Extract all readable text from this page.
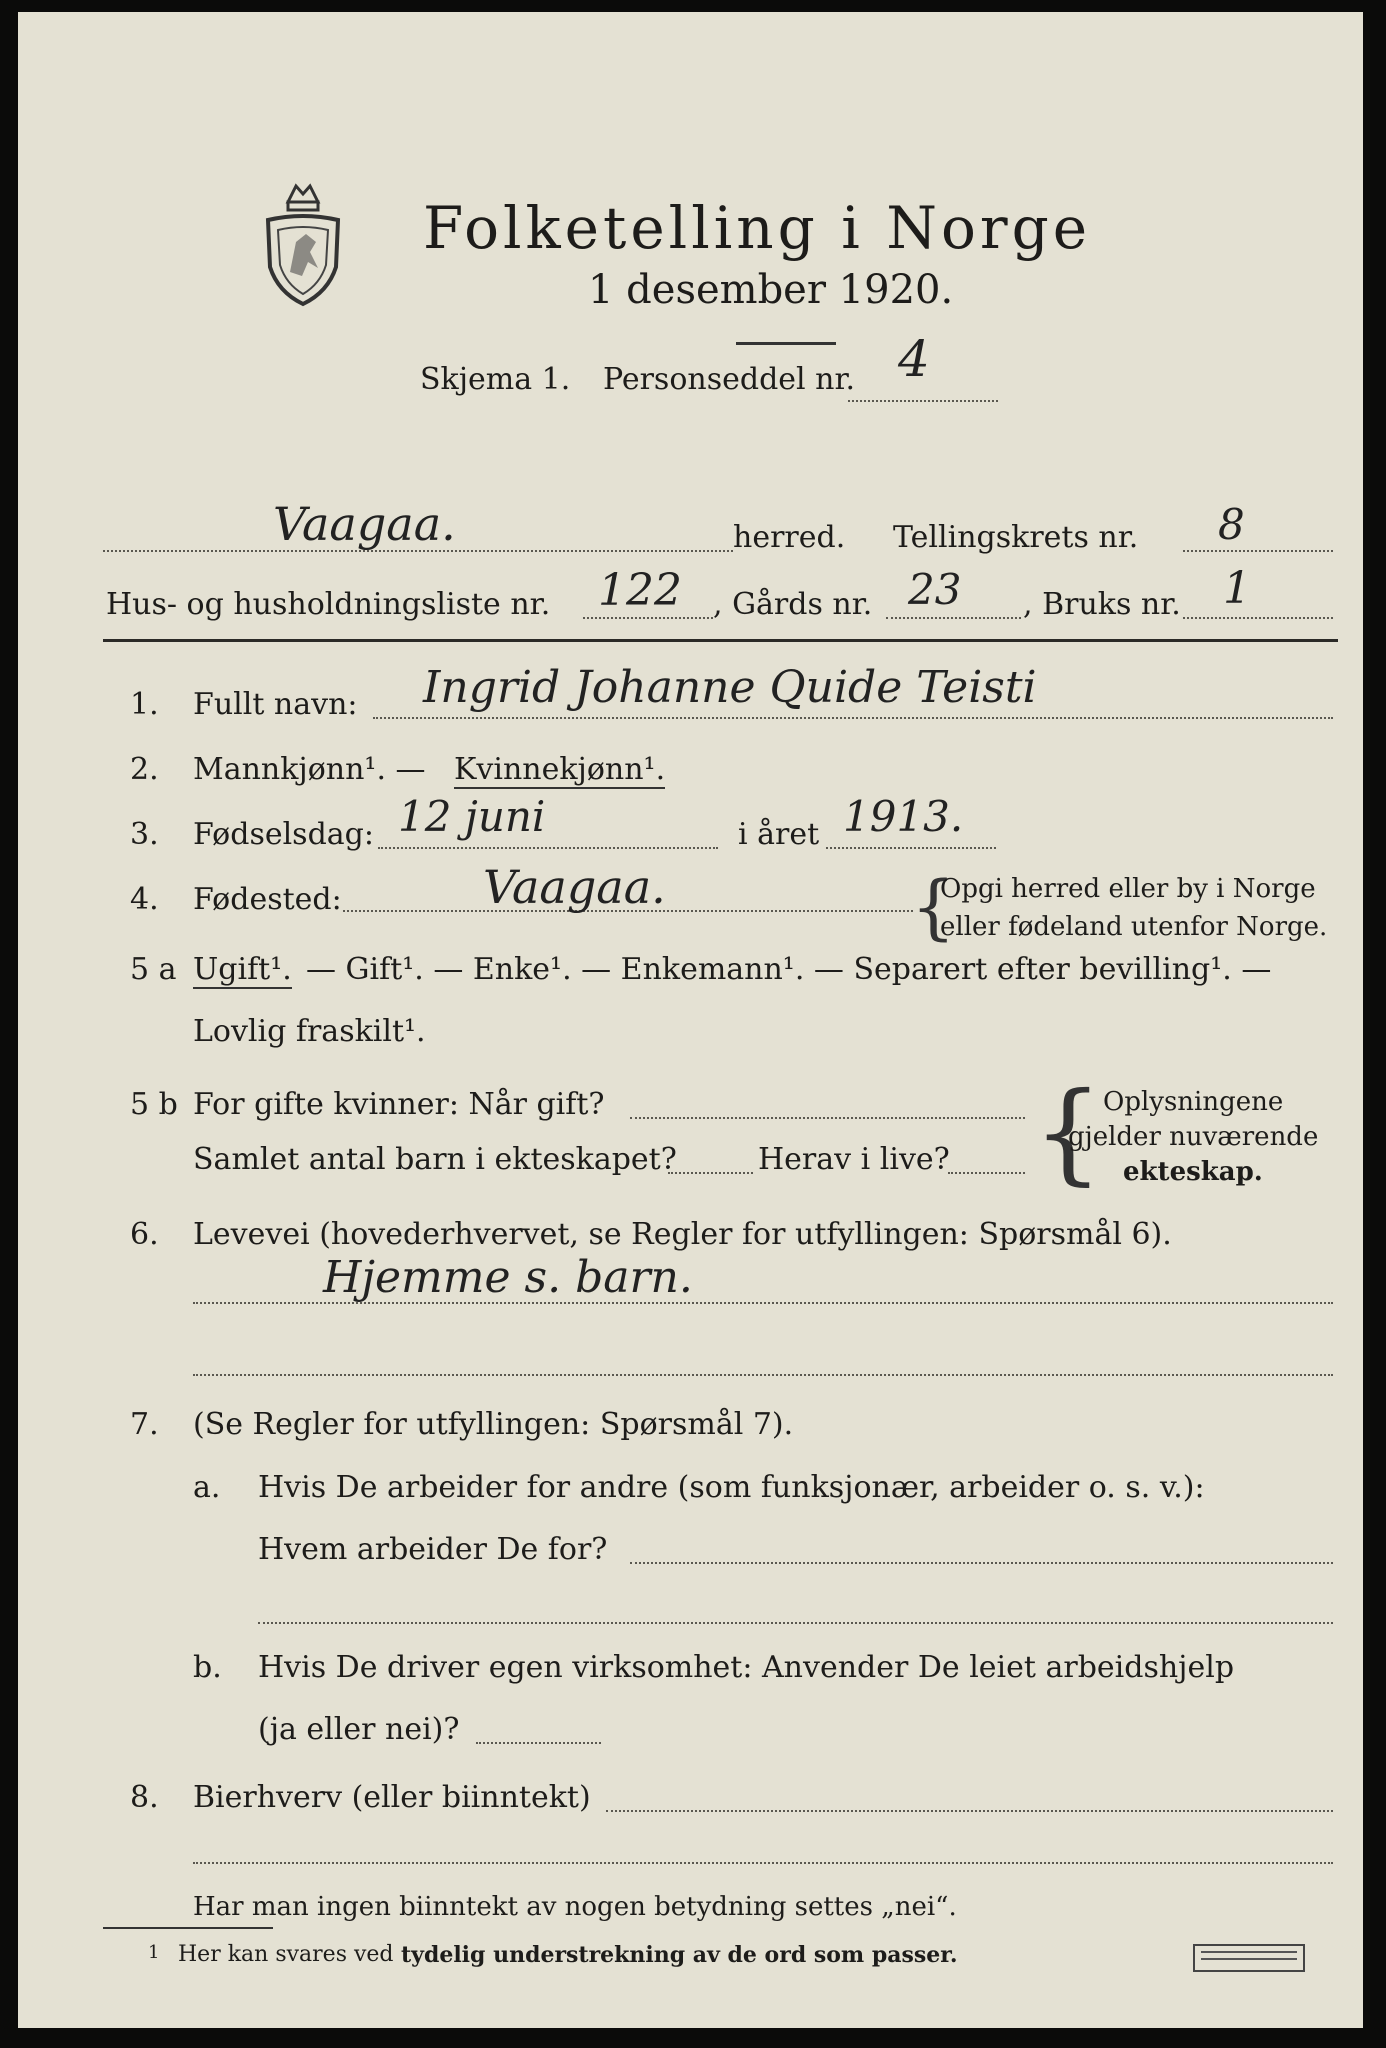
Folketelling i Norge
1 desember 1920.
Skjema 1. Personseddel nr. 4
Vaagaa.	herred. Tellingskrets nr. 8
Hus- og husholdningsliste nr. 122 , Gårds nr. 23 , Bruks nr. 1
1. Fullt navn: Ingrid Johanne Quide Teisti
2. Mannkjønn¹. — Kvinnekjønn¹.
3. Fødselsdag: 12 juni	i året 1913.
4. Fødested:	Vaagaa.	{
Opgi herred eller by i Norge
eller fødeland utenfor Norge.
5 a Ugift¹. — Gift¹. — Enke¹. — Enkemann¹. — Separert efter bevilling¹. —
Lovlig fraskilt¹.
5 b For gifte kvinner: Når gift?
Samlet antal barn i ekteskapet?	Herav i live? { Oplysningene
gjelder nuværende
ekteskap.
6. Levevei (hovederhvervet, se Regler for utfyllingen: Spørsmål 6).
Hjemme s. barn.
7. (Se Regler for utfyllingen: Spørsmål 7).
a. Hvis De arbeider for andre (som funksjonær, arbeider o. s. v.):
Hvem arbeider De for?
b. Hvis De driver egen virksomhet: Anvender De leiet arbeidshjelp
(ja eller nei)?
8. Bierhverv (eller biinntekt)
Har man ingen biinntekt av nogen betydning settes „nei“.
1 Her kan svares ved tydelig understrekning av de ord som passer.
